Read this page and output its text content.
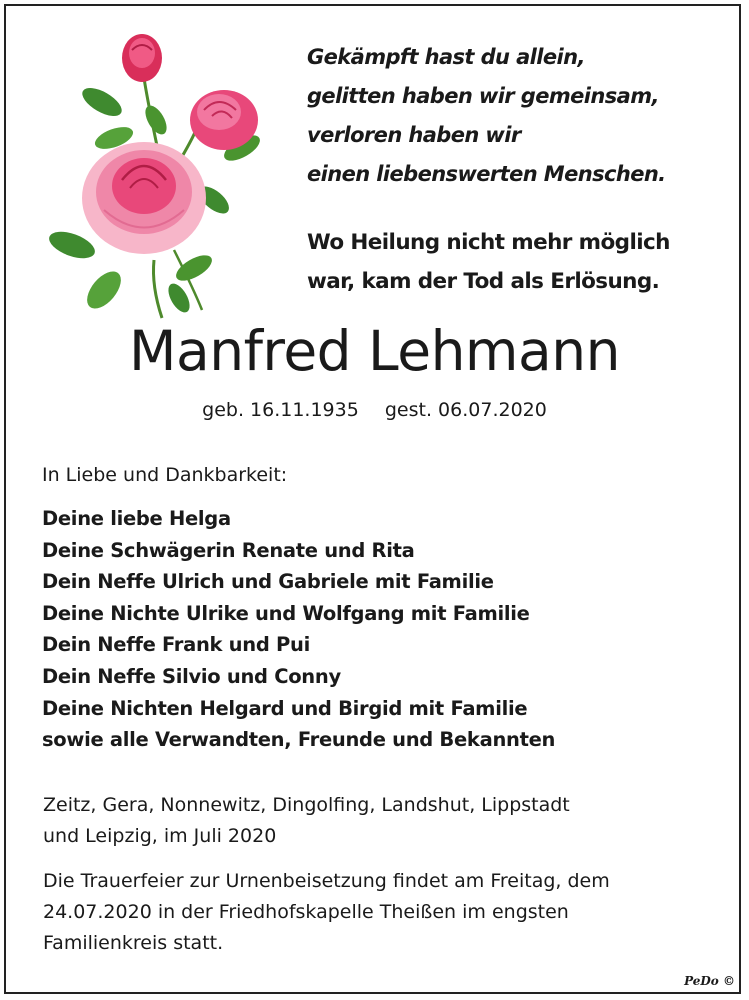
Gekämpft hast du allein,
gelitten haben wir gemeinsam,
verloren haben wir
einen liebenswerten Menschen.
Wo Heilung nicht mehr möglich
war, kam der Tod als Erlösung.
Manfred Lehmann
geb. 16.11.1935 gest. 06.07.2020
In Liebe und Dankbarkeit:
Deine liebe Helga
Deine Schwägerin Renate und Rita
Dein Neffe Ulrich und Gabriele mit Familie
Deine Nichte Ulrike und Wolfgang mit Familie
Dein Neffe Frank und Pui
Dein Neffe Silvio und Conny
Deine Nichten Helgard und Birgid mit Familie
sowie alle Verwandten, Freunde und Bekannten
Zeitz, Gera, Nonnewitz, Dingolfing, Landshut, Lippstadt
und Leipzig, im Juli 2020
Die Trauerfeier zur Urnenbeisetzung findet am Freitag, dem
24.07.2020 in der Friedhofskapelle Theißen im engsten
Familienkreis statt.
PeDo ©
